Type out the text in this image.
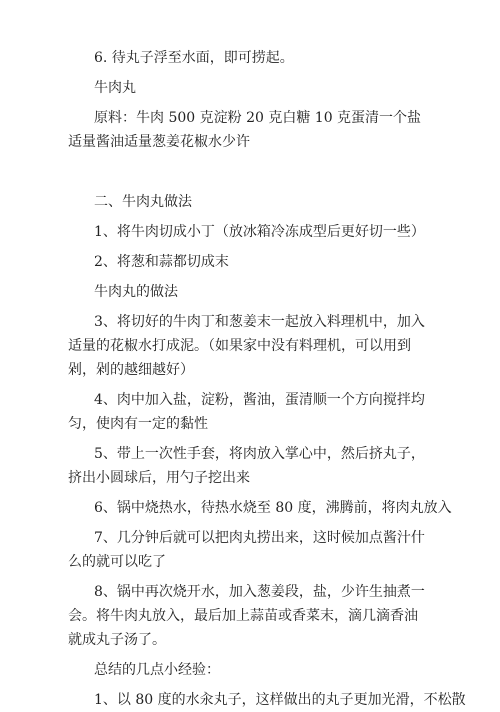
6. 待丸子浮至水面，即可捞起。

牛肉丸

原料：牛肉 500 克淀粉 20 克白糖 10 克蛋清一个盐适量酱油适量葱姜花椒水少许

二、牛肉丸做法

1、将牛肉切成小丁（放冰箱冷冻成型后更好切一些）

2、将葱和蒜都切成末

牛肉丸的做法

3、将切好的牛肉丁和葱姜末一起放入料理机中，加入适量的花椒水打成泥。（如果家中没有料理机，可以用到剁，剁的越细越好）

4、肉中加入盐，淀粉，酱油，蛋清顺一个方向搅拌均匀，使肉有一定的黏性

5、带上一次性手套，将肉放入掌心中，然后挤丸子，挤出小圆球后，用勺子挖出来

6、锅中烧热水，待热水烧至 80 度，沸腾前，将肉丸放入

7、几分钟后就可以把肉丸捞出来，这时候加点酱汁什么的就可以吃了

8、锅中再次烧开水，加入葱姜段，盐，少许生抽煮一会。将牛肉丸放入，最后加上蒜苗或香菜末，滴几滴香油就成丸子汤了。

总结的几点小经验：

1、以 80 度的水汆丸子，这样做出的丸子更加光滑，不松散
